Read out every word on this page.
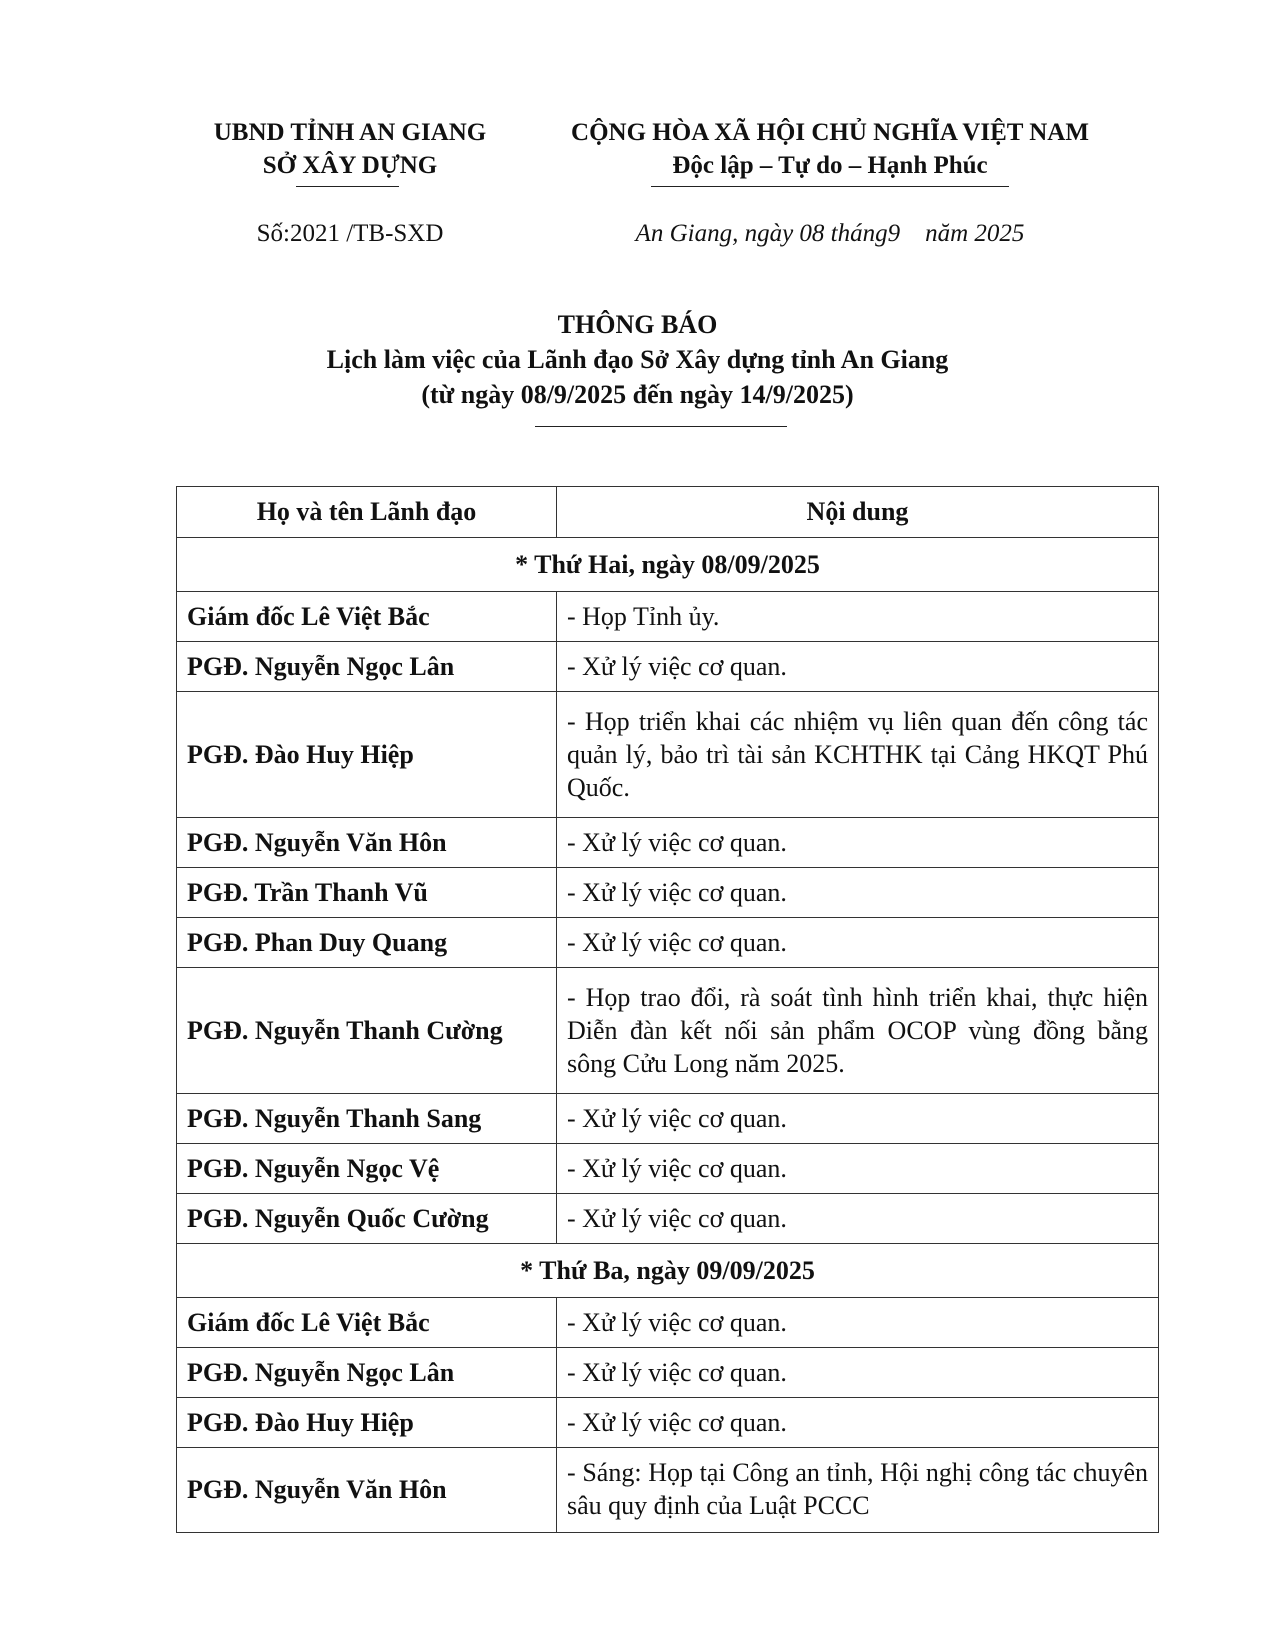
UBND TỈNH AN GIANG
SỞ XÂY DỰNG
Số:2021 /TB-SXD
CỘNG HÒA XÃ HỘI CHỦ NGHĨA VIỆT NAM
Độc lập – Tự do – Hạnh Phúc
An Giang, ngày 08 tháng9 năm 2025
THÔNG BÁO
Lịch làm việc của Lãnh đạo Sở Xây dựng tỉnh An Giang
(từ ngày 08/9/2025 đến ngày 14/9/2025)
Họ và tên Lãnh đạo	Nội dung
* Thứ Hai, ngày 08/09/2025	
Giám đốc Lê Việt Bắc	- Họp Tỉnh ủy.
PGĐ. Nguyễn Ngọc Lân	- Xử lý việc cơ quan.
PGĐ. Đào Huy Hiệp	- Họp triển khai các nhiệm vụ liên quan đến công tác quản lý, bảo trì tài sản KCHTHK tại Cảng HKQT Phú Quốc.
PGĐ. Nguyễn Văn Hôn	- Xử lý việc cơ quan.
PGĐ. Trần Thanh Vũ	- Xử lý việc cơ quan.
PGĐ. Phan Duy Quang	- Xử lý việc cơ quan.
PGĐ. Nguyễn Thanh Cường	- Họp trao đổi, rà soát tình hình triển khai, thực hiện Diễn đàn kết nối sản phẩm OCOP vùng đồng bằng sông Cửu Long năm 2025.
PGĐ. Nguyễn Thanh Sang	- Xử lý việc cơ quan.
PGĐ. Nguyễn Ngọc Vệ	- Xử lý việc cơ quan.
PGĐ. Nguyễn Quốc Cường	- Xử lý việc cơ quan.
* Thứ Ba, ngày 09/09/2025	
Giám đốc Lê Việt Bắc	- Xử lý việc cơ quan.
PGĐ. Nguyễn Ngọc Lân	- Xử lý việc cơ quan.
PGĐ. Đào Huy Hiệp	- Xử lý việc cơ quan.
PGĐ. Nguyễn Văn Hôn	- Sáng: Họp tại Công an tỉnh, Hội nghị công tác chuyên sâu quy định của Luật PCCC
